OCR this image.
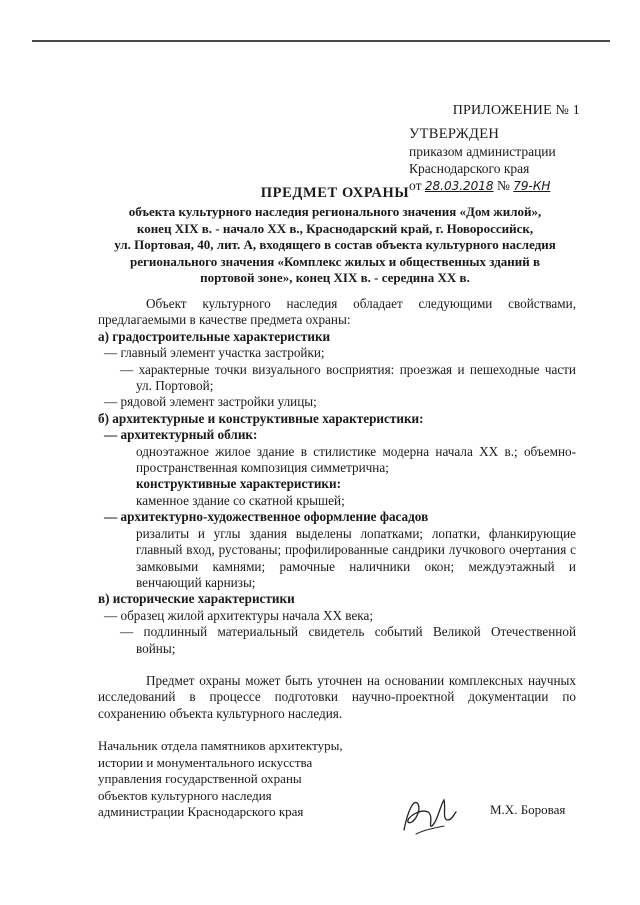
ПРИЛОЖЕНИЕ № 1
УТВЕРЖДЕН
приказом администрации
Краснодарского края
от 28.03.2018 № 79-КН
ПРЕДМЕТ ОХРАНЫ
объекта культурного наследия регионального значения «Дом жилой»,
конец XIX в. - начало XX в., Краснодарский край, г. Новороссийск,
ул. Портовая, 40, лит. А, входящего в состав объекта культурного наследия
регионального значения «Комплекс жилых и общественных зданий в
портовой зоне», конец XIX в. - середина XX в.

Объект культурного наследия обладает следующими свойствами, предлагаемыми в качестве предмета охраны:

а) градостроительные характеристики

— главный элемент участка застройки;

— характерные точки визуального восприятия: проезжая и пешеходные части ул. Портовой;

— рядовой элемент застройки улицы;

б) архитектурные и конструктивные характеристики:

— архитектурный облик:

одноэтажное жилое здание в стилистике модерна начала XX в.; объемно-пространственная композиция симметрична;

конструктивные характеристики:

каменное здание со скатной крышей;

— архитектурно-художественное оформление фасадов

ризалиты и углы здания выделены лопатками; лопатки, фланкирующие главный вход, рустованы; профилированные сандрики лучкового очертания с замковыми камнями; рамочные наличники окон; междуэтажный и венчающий карнизы;

в) исторические характеристики

— образец жилой архитектуры начала XX века;

— подлинный материальный свидетель событий Великой Отечественной войны;

Предмет охраны может быть уточнен на основании комплексных научных исследований в процессе подготовки научно-проектной документации по сохранению объекта культурного наследия.

Начальник отдела памятников архитектуры,
истории и монументального искусства
управления государственной охраны
объектов культурного наследия
администрации Краснодарского края	М.Х. Боровая
